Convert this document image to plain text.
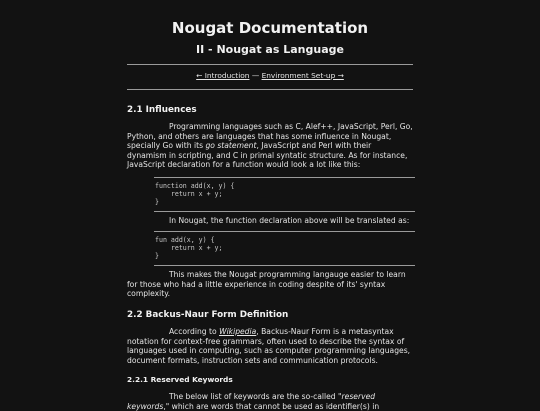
Nougat Documentation
II - Nougat as Language
← Introduction — Environment Set-up →
2.1 Influences

Programming languages such as C, Alef++, JavaScript, Perl, Go, Python, and others are languages that has some influence in Nougat, specially Go with its go statement, JavaScript and Perl with their dynamism in scripting, and C in primal syntatic structure. As for instance, JavaScript declaration for a function would look a lot like this:

function add(x, y) {
return x + y;
}

In Nougat, the function declaration above will be translated as:

fun add(x, y) {
return x + y;
}

This makes the Nougat programming langauge easier to learn for those who had a little experience in coding despite of its' syntax complexity.

2.2 Backus-Naur Form Definition

According to Wikipedia, Backus-Naur Form is a metasyntax notation for context-free grammars, often used to describe the syntax of languages used in computing, such as computer programming languages, document formats, instruction sets and communication protocols.

2.2.1 Reserved Keywords

The below list of keywords are the so-called "reserved keywords," which are words that cannot be used as identifier(s) in
